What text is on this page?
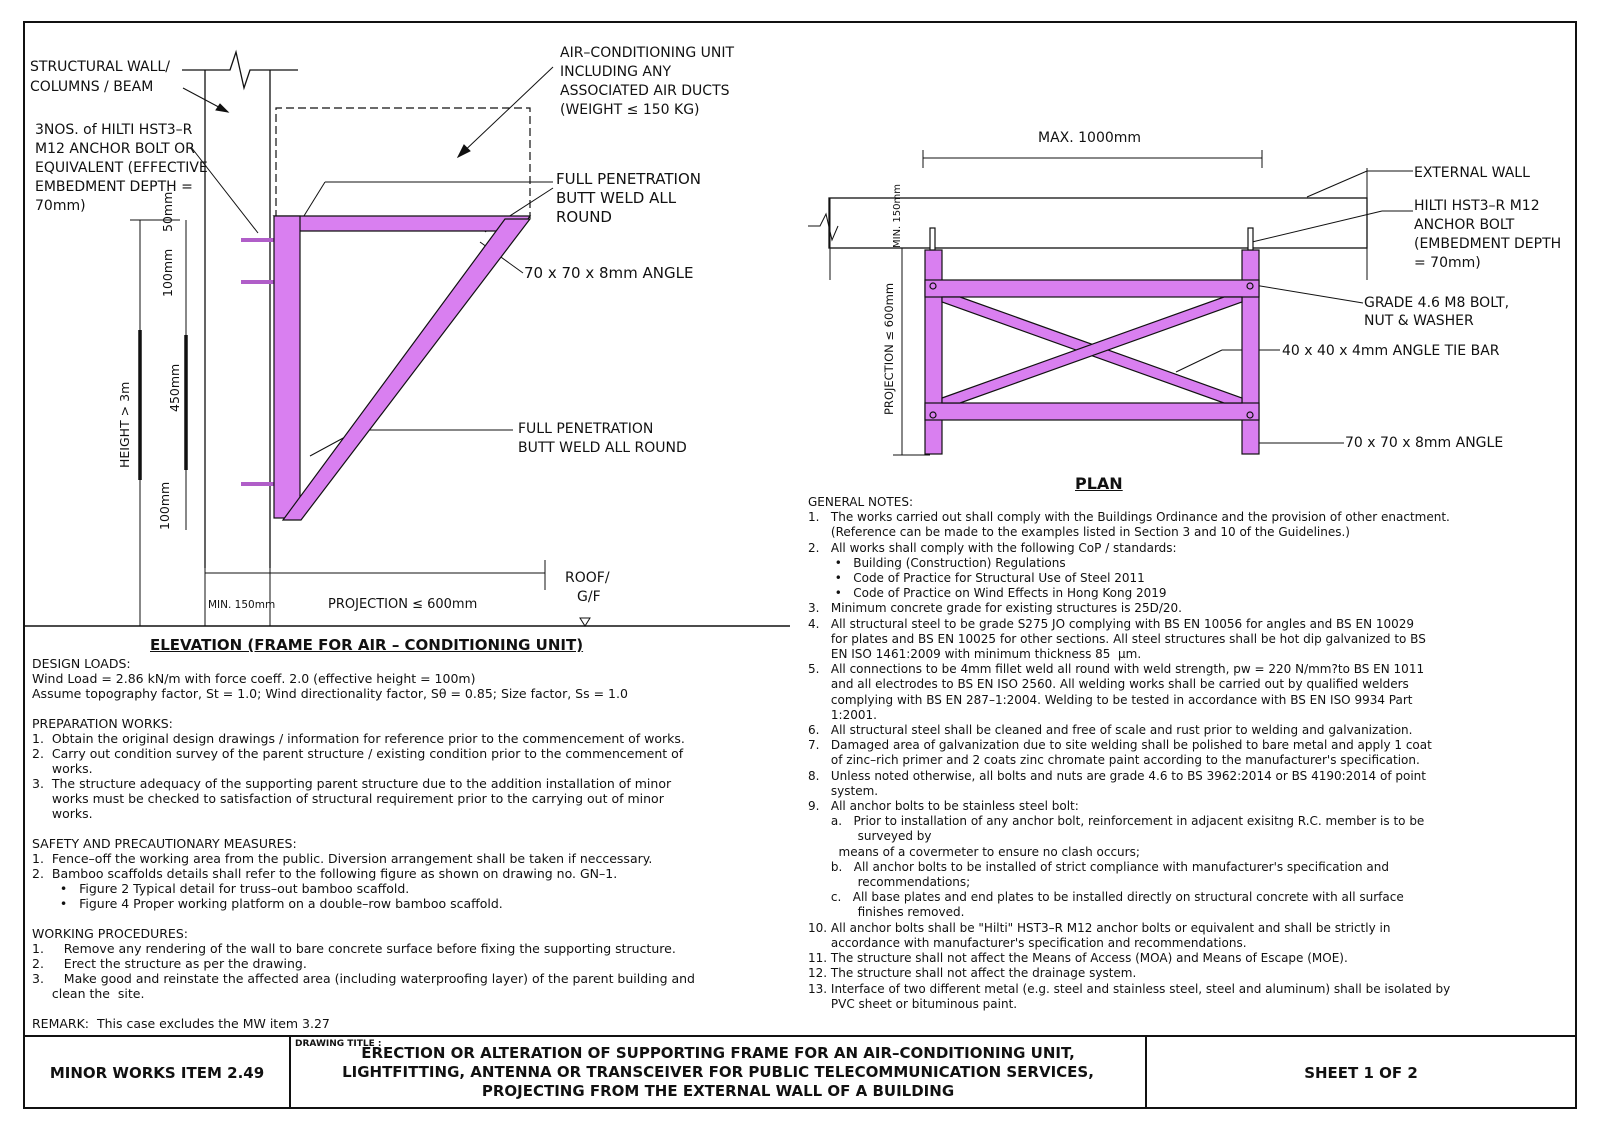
STRUCTURAL WALL/
COLUMNS / BEAM
3NOS. of HILTI HST3–R
M12 ANCHOR BOLT OR
EQUIVALENT (EFFECTIVE
EMBEDMENT DEPTH =
70mm)
AIR–CONDITIONING UNIT
INCLUDING ANY
ASSOCIATED AIR DUCTS
(WEIGHT ≤ 150 KG)
FULL PENETRATION
BUTT WELD ALL
ROUND
70 x 70 x 8mm ANGLE
FULL PENETRATION
BUTT WELD ALL ROUND
50mm
100mm
450mm
100mm
HEIGHT > 3m
MIN. 150mm	PROJECTION ≤ 600mm
ROOF/
G/F
ELEVATION (FRAME FOR AIR – CONDITIONING UNIT)
MAX. 1000mm
EXTERNAL WALL
HILTI HST3–R M12
ANCHOR BOLT
(EMBEDMENT DEPTH
= 70mm)
GRADE 4.6 M8 BOLT,
NUT & WASHER
40 x 40 x 4mm ANGLE TIE BAR
70 x 70 x 8mm ANGLE
MIN. 150mm
PROJECTION ≤ 600mm
PLAN
DESIGN LOADS:
Wind Load = 2.86 kN/m with force coeff. 2.0 (effective height = 100m)
Assume topography factor, St = 1.0; Wind directionality factor, Sθ = 0.85; Size factor, Ss = 1.0

PREPARATION WORKS:
1.  Obtain the original design drawings / information for reference prior to the commencement of works.
2.  Carry out condition survey of the parent structure / existing condition prior to the commencement of
works.
3.  The structure adequacy of the supporting parent structure due to the addition installation of minor
works must be checked to satisfaction of structural requirement prior to the carrying out of minor
works.

SAFETY AND PRECAUTIONARY MEASURES:
1.  Fence–off the working area from the public. Diversion arrangement shall be taken if neccessary.
2.  Bamboo scaffolds details shall refer to the following figure as shown on drawing no. GN–1.
•   Figure 2 Typical detail for truss–out bamboo scaffold.
•   Figure 4 Proper working platform on a double–row bamboo scaffold.

WORKING PROCEDURES:
1.     Remove any rendering of the wall to bare concrete surface before fixing the supporting structure.
2.     Erect the structure as per the drawing.
3.     Make good and reinstate the affected area (including waterproofing layer) of the parent building and
clean the  site.

REMARK:  This case excludes the MW item 3.27
GENERAL NOTES:
1.   The works carried out shall comply with the Buildings Ordinance and the provision of other enactment.
(Reference can be made to the examples listed in Section 3 and 10 of the Guidelines.)
2.   All works shall comply with the following CoP / standards:
•   Building (Construction) Regulations
•   Code of Practice for Structural Use of Steel 2011
•   Code of Practice on Wind Effects in Hong Kong 2019
3.   Minimum concrete grade for existing structures is 25D/20.
4.   All structural steel to be grade S275 JO complying with BS EN 10056 for angles and BS EN 10029
for plates and BS EN 10025 for other sections. All steel structures shall be hot dip galvanized to BS
EN ISO 1461:2009 with minimum thickness 85  μm.
5.   All connections to be 4mm fillet weld all round with weld strength, pw = 220 N/mm?to BS EN 1011
and all electrodes to BS EN ISO 2560. All welding works shall be carried out by qualified welders
complying with BS EN 287–1:2004. Welding to be tested in accordance with BS EN ISO 9934 Part
1:2001.
6.   All structural steel shall be cleaned and free of scale and rust prior to welding and galvanization.
7.   Damaged area of galvanization due to site welding shall be polished to bare metal and apply 1 coat
of zinc–rich primer and 2 coats zinc chromate paint according to the manufacturer's specification.
8.   Unless noted otherwise, all bolts and nuts are grade 4.6 to BS 3962:2014 or BS 4190:2014 of point
system.
9.   All anchor bolts to be stainless steel bolt:
a.   Prior to installation of any anchor bolt, reinforcement in adjacent exisitng R.C. member is to be
surveyed by
means of a covermeter to ensure no clash occurs;
b.   All anchor bolts to be installed of strict compliance with manufacturer's specification and
recommendations;
c.   All base plates and end plates to be installed directly on structural concrete with all surface
finishes removed.
10. All anchor bolts shall be "Hilti" HST3–R M12 anchor bolts or equivalent and shall be strictly in
accordance with manufacturer's specification and recommendations.
11. The structure shall not affect the Means of Access (MOA) and Means of Escape (MOE).
12. The structure shall not affect the drainage system.
13. Interface of two different metal (e.g. steel and stainless steel, steel and aluminum) shall be isolated by
PVC sheet or bituminous paint.
MINOR WORKS ITEM 2.49
DRAWING TITLE :
ERECTION OR ALTERATION OF SUPPORTING FRAME FOR AN AIR–CONDITIONING UNIT,
LIGHTFITTING, ANTENNA OR TRANSCEIVER FOR PUBLIC TELECOMMUNICATION SERVICES,
PROJECTING FROM THE EXTERNAL WALL OF A BUILDING
SHEET 1 OF 2
